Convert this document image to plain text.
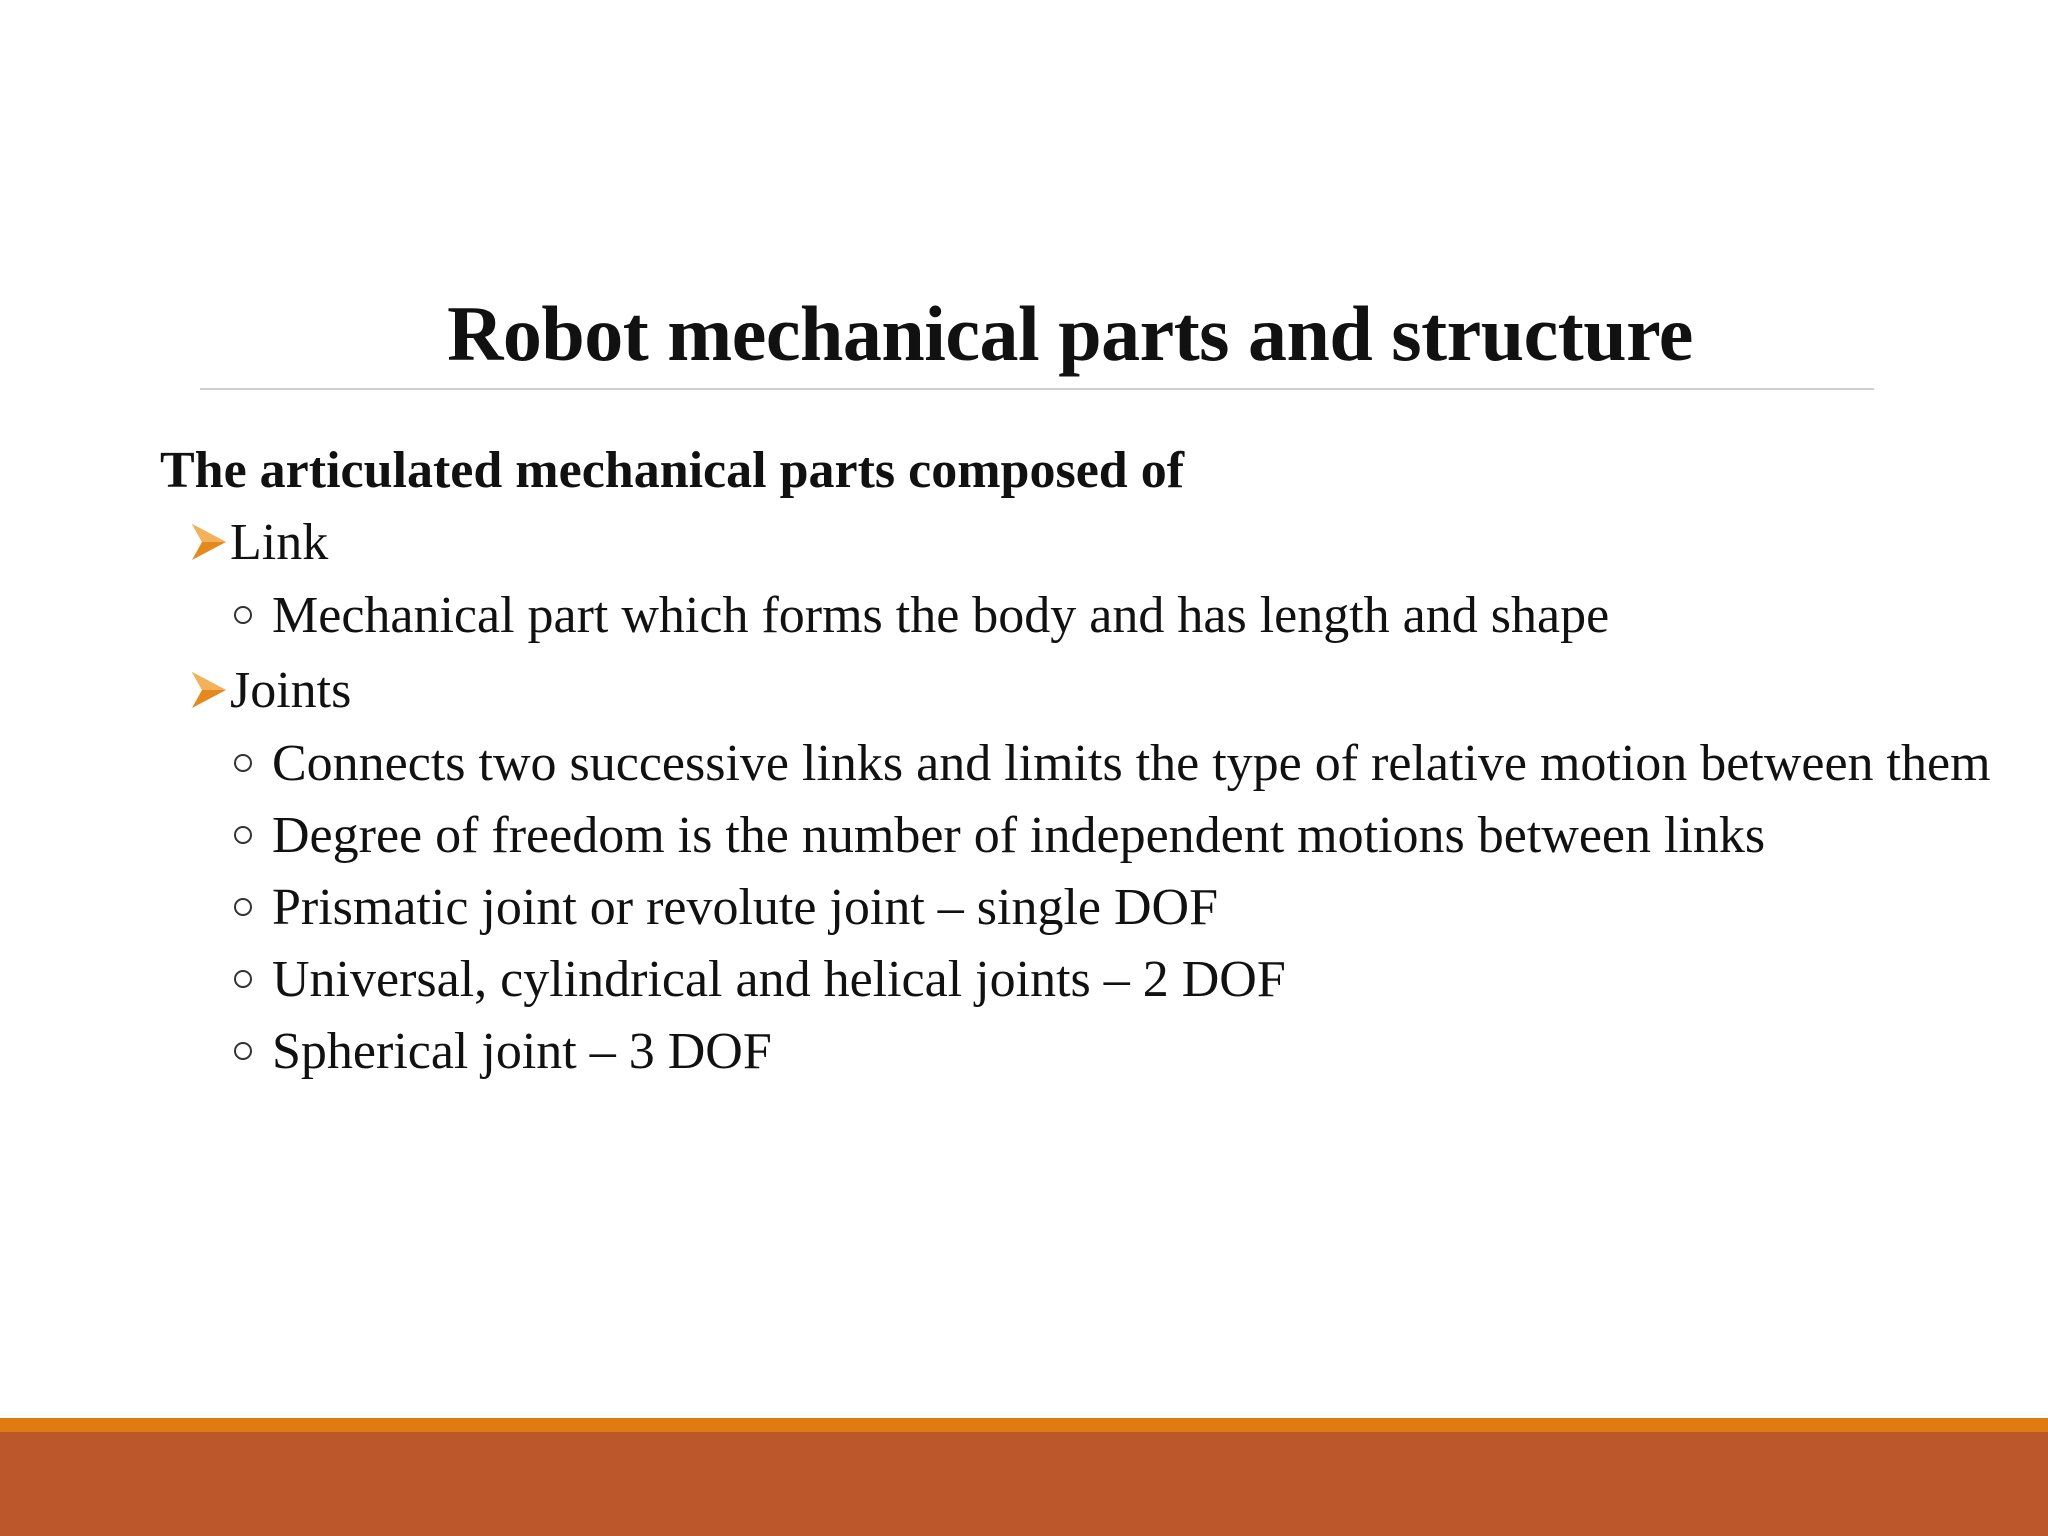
Robot mechanical parts and structure
The articulated mechanical parts composed of
Link
Mechanical part which forms the body and has length and shape
Joints
Connects two successive links and limits the type of relative motion between them
Degree of freedom is the number of independent motions between links
Prismatic joint or revolute joint – single DOF
Universal, cylindrical and helical joints – 2 DOF
Spherical joint – 3 DOF
